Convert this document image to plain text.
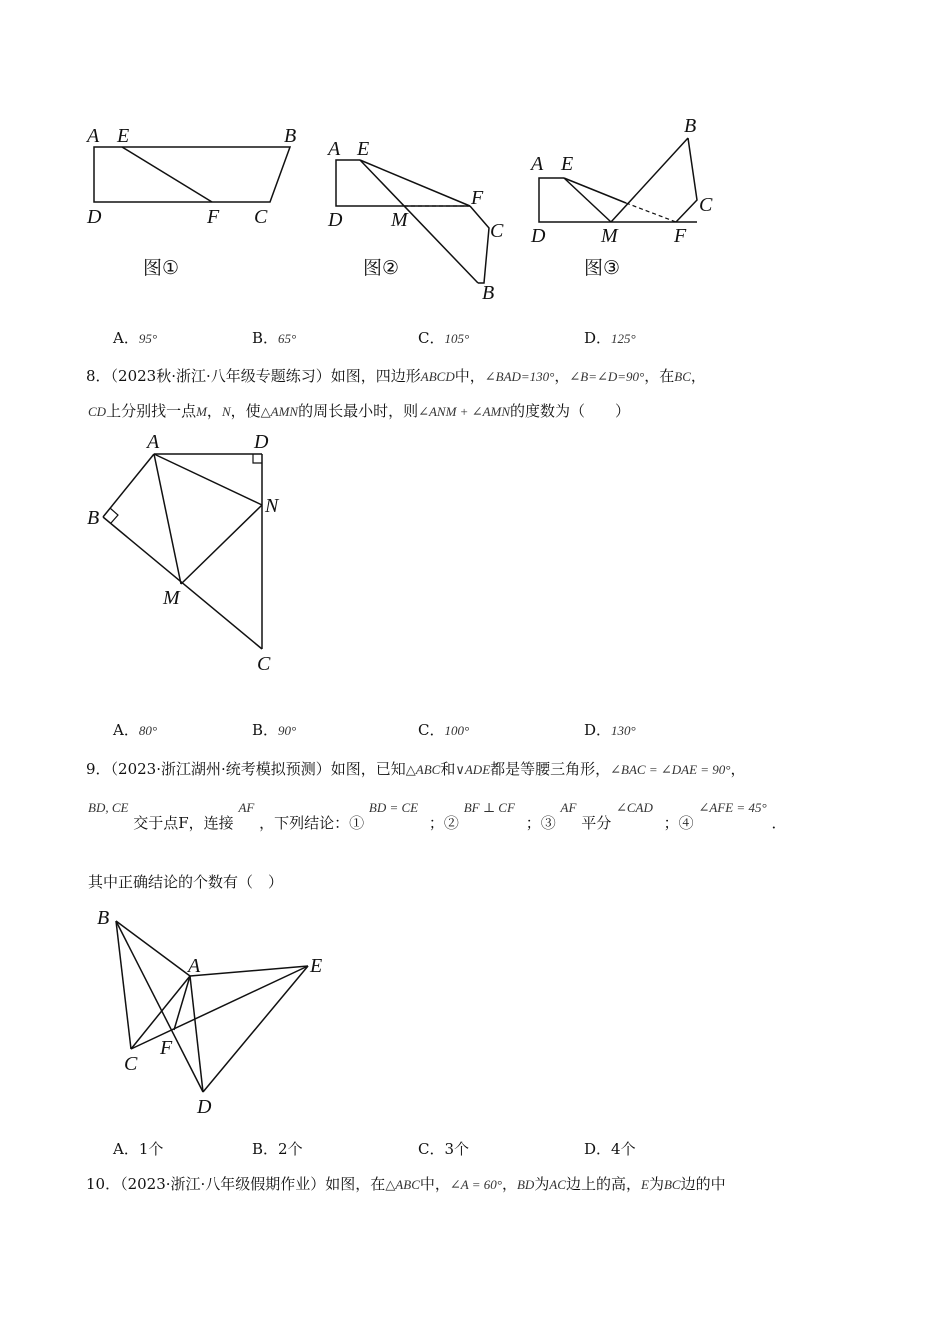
A E	B
D	F C
A E
F
D M	C
B
图②
A E
B
C
D	M	F
图③
图①
A．95°	B．65°	C．105°	D．125°
8．（2023秋·浙江·八年级专题练习）如图，四边形ABCD中，∠BAD=130°，∠B=∠D=90°，在BC，
CD上分别找一点M，N，使△AMN的周长最小时，则∠ANM + ∠AMN的度数为（　　）
A	D
B
N
M
C
A．80°	B．90°	C．100°	D．130°
9．（2023·浙江湖州·统考模拟预测）如图，已知△ABC和∨ADE都是等腰三角形，∠BAC = ∠DAE = 90°，
BD, CE 交于点F，连接 AF ，下列结论：① BD = CE ；② BF ⊥ CF ；③ AF 平分 ∠CAD ；④ ∠AFE = 45° ．
其中正确结论的个数有（　）
B
A	E
F
C
D
A．1个	B．2个	C．3个	D．4个
10．（2023·浙江·八年级假期作业）如图，在△ABC中，∠A = 60°，BD为AC边上的高，E为BC边的中
